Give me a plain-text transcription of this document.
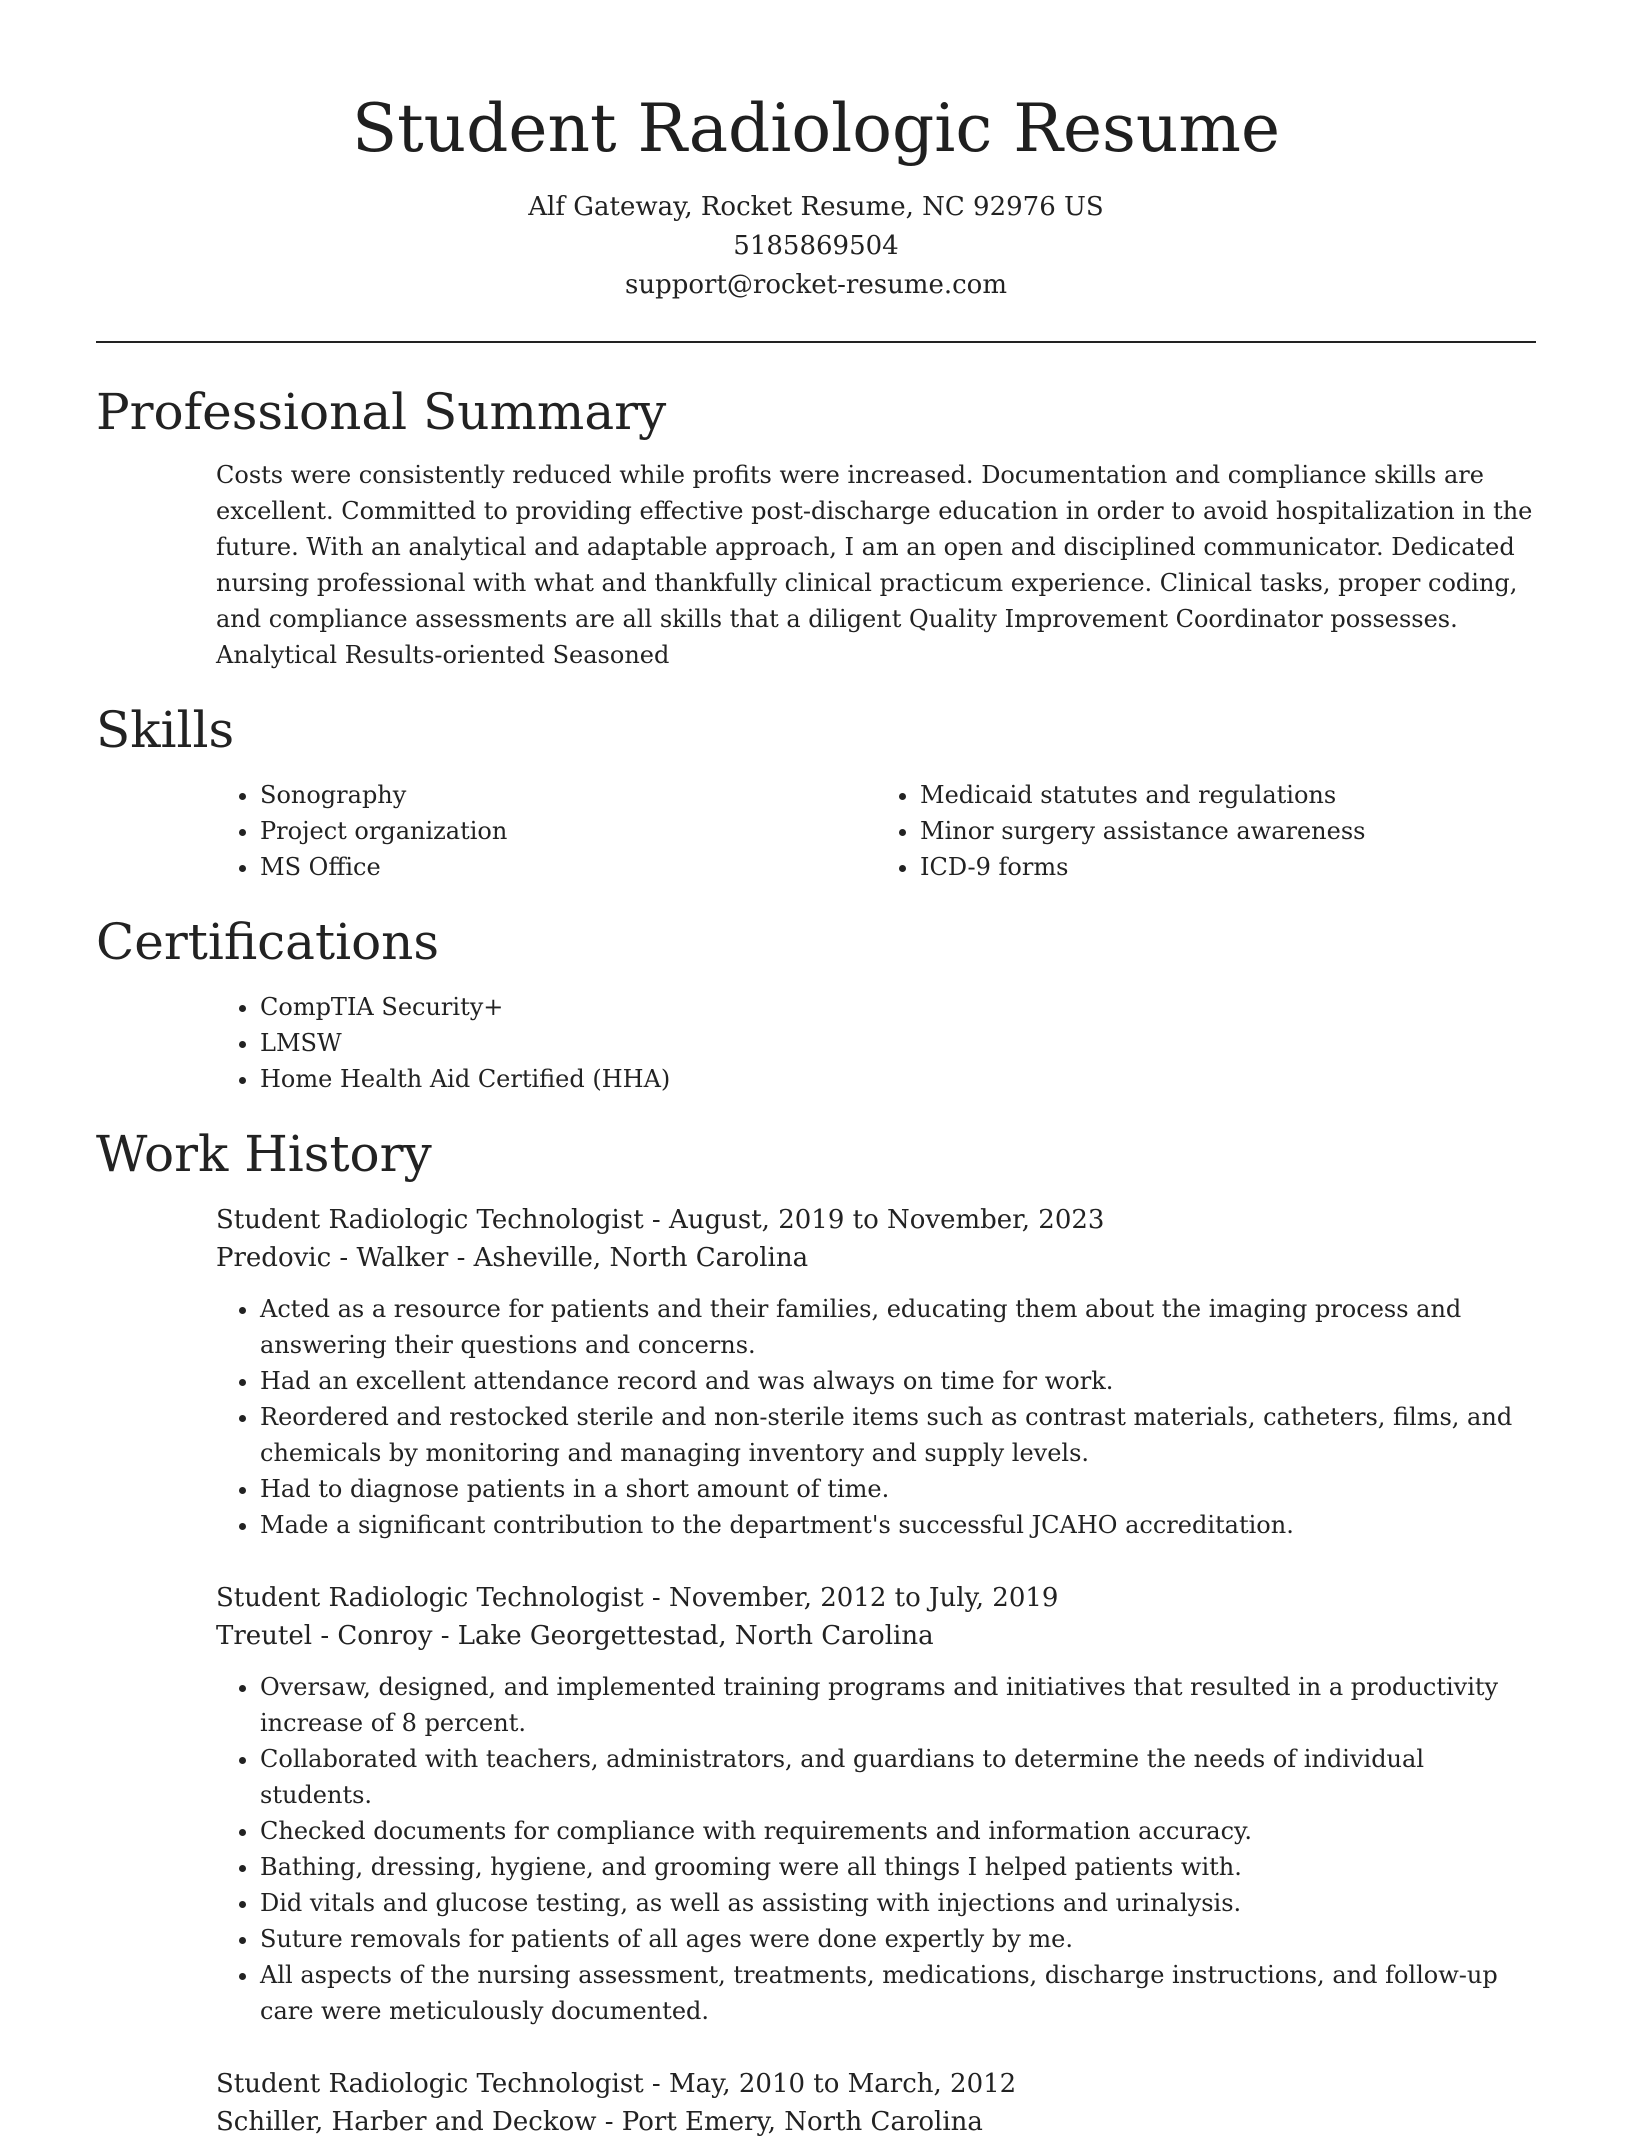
Student Radiologic Resume
Alf Gateway, Rocket Resume, NC 92976 US
5185869504
support@rocket-resume.com
Professional Summary
Costs were consistently reduced while profits were increased. Documentation and compliance skills are excellent. Committed to providing effective post-discharge education in order to avoid hospitalization in the future. With an analytical and adaptable approach, I am an open and disciplined communicator. Dedicated nursing professional with what and thankfully clinical practicum experience. Clinical tasks, proper coding, and compliance assessments are all skills that a diligent Quality Improvement Coordinator possesses. Analytical Results-oriented Seasoned
Skills
• Sonography
• Project organization
• MS Office
• Medicaid statutes and regulations
• Minor surgery assistance awareness
• ICD-9 forms
Certifications
• CompTIA Security+
• LMSW
• Home Health Aid Certified (HHA)
Work History
Student Radiologic Technologist - August, 2019 to November, 2023
Predovic - Walker - Asheville, North Carolina
• Acted as a resource for patients and their families, educating them about the imaging process and answering their questions and concerns.
• Had an excellent attendance record and was always on time for work.
• Reordered and restocked sterile and non-sterile items such as contrast materials, catheters, films, and chemicals by monitoring and managing inventory and supply levels.
• Had to diagnose patients in a short amount of time.
• Made a significant contribution to the department's successful JCAHO accreditation.
Student Radiologic Technologist - November, 2012 to July, 2019
Treutel - Conroy - Lake Georgettestad, North Carolina
• Oversaw, designed, and implemented training programs and initiatives that resulted in a productivity increase of 8 percent.
• Collaborated with teachers, administrators, and guardians to determine the needs of individual students.
• Checked documents for compliance with requirements and information accuracy.
• Bathing, dressing, hygiene, and grooming were all things I helped patients with.
• Did vitals and glucose testing, as well as assisting with injections and urinalysis.
• Suture removals for patients of all ages were done expertly by me.
• All aspects of the nursing assessment, treatments, medications, discharge instructions, and follow-up care were meticulously documented.
Student Radiologic Technologist - May, 2010 to March, 2012
Schiller, Harber and Deckow - Port Emery, North Carolina
